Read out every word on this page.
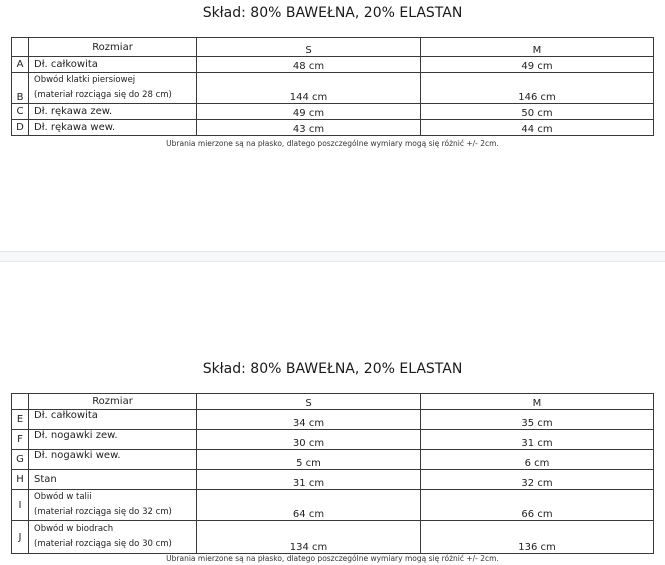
Skład: 80% BAWEŁNA, 20% ELASTAN
	Rozmiar	S	M
A	Dł. całkowita	48 cm	49 cm
B	Obwód klatki piersiowej
(materiał rozciąga się do 28 cm)	144 cm	146 cm
C	Dł. rękawa zew.	49 cm	50 cm
D	Dł. rękawa wew.	43 cm	44 cm
Ubrania mierzone są na płasko, dlatego poszczególne wymiary mogą się różnić +/- 2cm.
Skład: 80% BAWEŁNA, 20% ELASTAN
	Rozmiar	S	M
E	Dł. całkowita	34 cm	35 cm
F	Dł. nogawki zew.	30 cm	31 cm
G	Dł. nogawki wew.	5 cm	6 cm
H	Stan	31 cm	32 cm
I	Obwód w talii
(materiał rozciąga się do 32 cm)	64 cm	66 cm
J	Obwód w biodrach
(materiał rozciąga się do 30 cm)	134 cm	136 cm
Ubrania mierzone są na płasko, dlatego poszczególne wymiary mogą się różnić +/- 2cm.
